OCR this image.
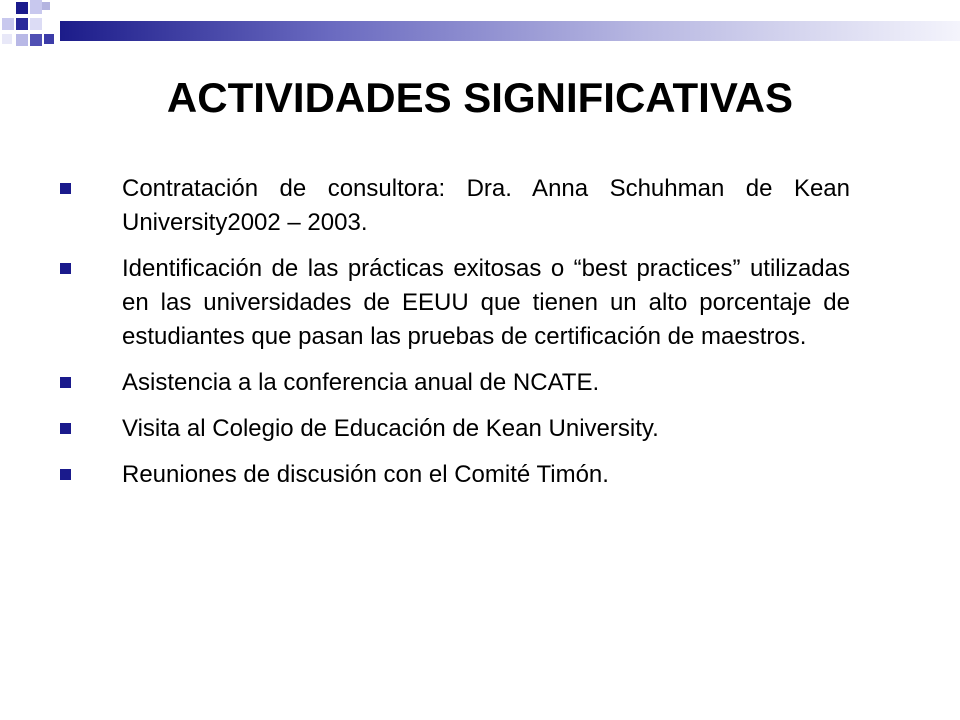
ACTIVIDADES SIGNIFICATIVAS
Contratación de consultora: Dra. Anna Schuhman de Kean University2002 – 2003.
Identificación de las prácticas exitosas o “best practices” utilizadas en las universidades de EEUU que tienen un alto porcentaje de estudiantes que pasan las pruebas de certificación de maestros.
Asistencia a la conferencia anual de NCATE.
Visita al Colegio de Educación de Kean University.
Reuniones de discusión con el Comité Timón.
